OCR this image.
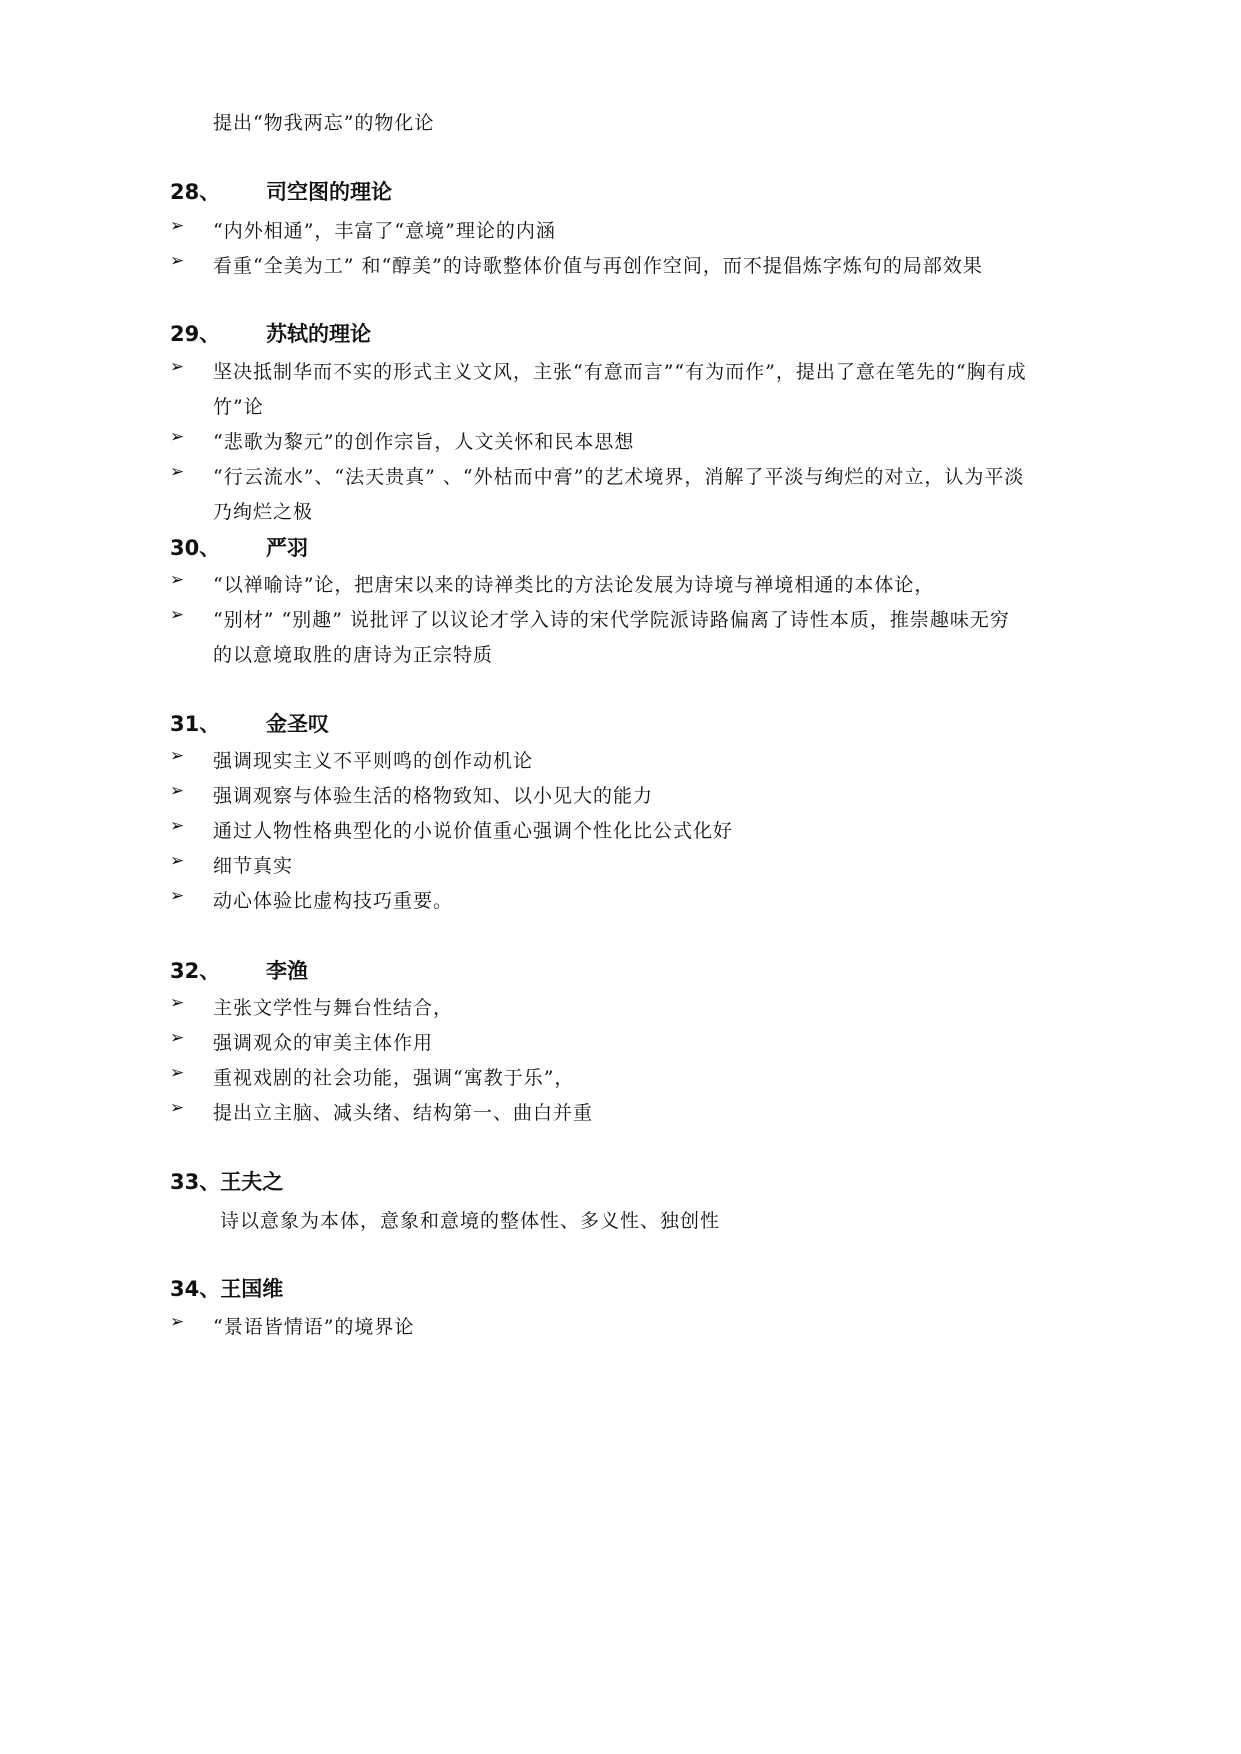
提出“物我两忘”的物化论
28、 司空图的理论
➢ “内外相通”，丰富了“意境”理论的内涵
➢ 看重“全美为工” 和“醇美”的诗歌整体价值与再创作空间，而不提倡炼字炼句的局部效果
29、 苏轼的理论
➢ 坚决抵制华而不实的形式主义文风，主张“有意而言”“有为而作”，提出了意在笔先的“胸有成
竹”论
➢ “悲歌为黎元”的创作宗旨，人文关怀和民本思想
➢ “行云流水”、“法天贵真” 、“外枯而中膏”的艺术境界，消解了平淡与绚烂的对立，认为平淡
乃绚烂之极
30、 严羽
➢ “以禅喻诗”论，把唐宋以来的诗禅类比的方法论发展为诗境与禅境相通的本体论，
➢ “别材” “别趣” 说批评了以议论才学入诗的宋代学院派诗路偏离了诗性本质，推崇趣味无穷
的以意境取胜的唐诗为正宗特质
31、 金圣叹
➢ 强调现实主义不平则鸣的创作动机论
➢ 强调观察与体验生活的格物致知、以小见大的能力
➢ 通过人物性格典型化的小说价值重心强调个性化比公式化好
➢ 细节真实
➢ 动心体验比虚构技巧重要。
32、 李渔
➢ 主张文学性与舞台性结合，
➢ 强调观众的审美主体作用
➢ 重视戏剧的社会功能，强调“寓教于乐”，
➢ 提出立主脑、减头绪、结构第一、曲白并重
33、王夫之
诗以意象为本体，意象和意境的整体性、多义性、独创性
34、王国维
➢ “景语皆情语”的境界论
